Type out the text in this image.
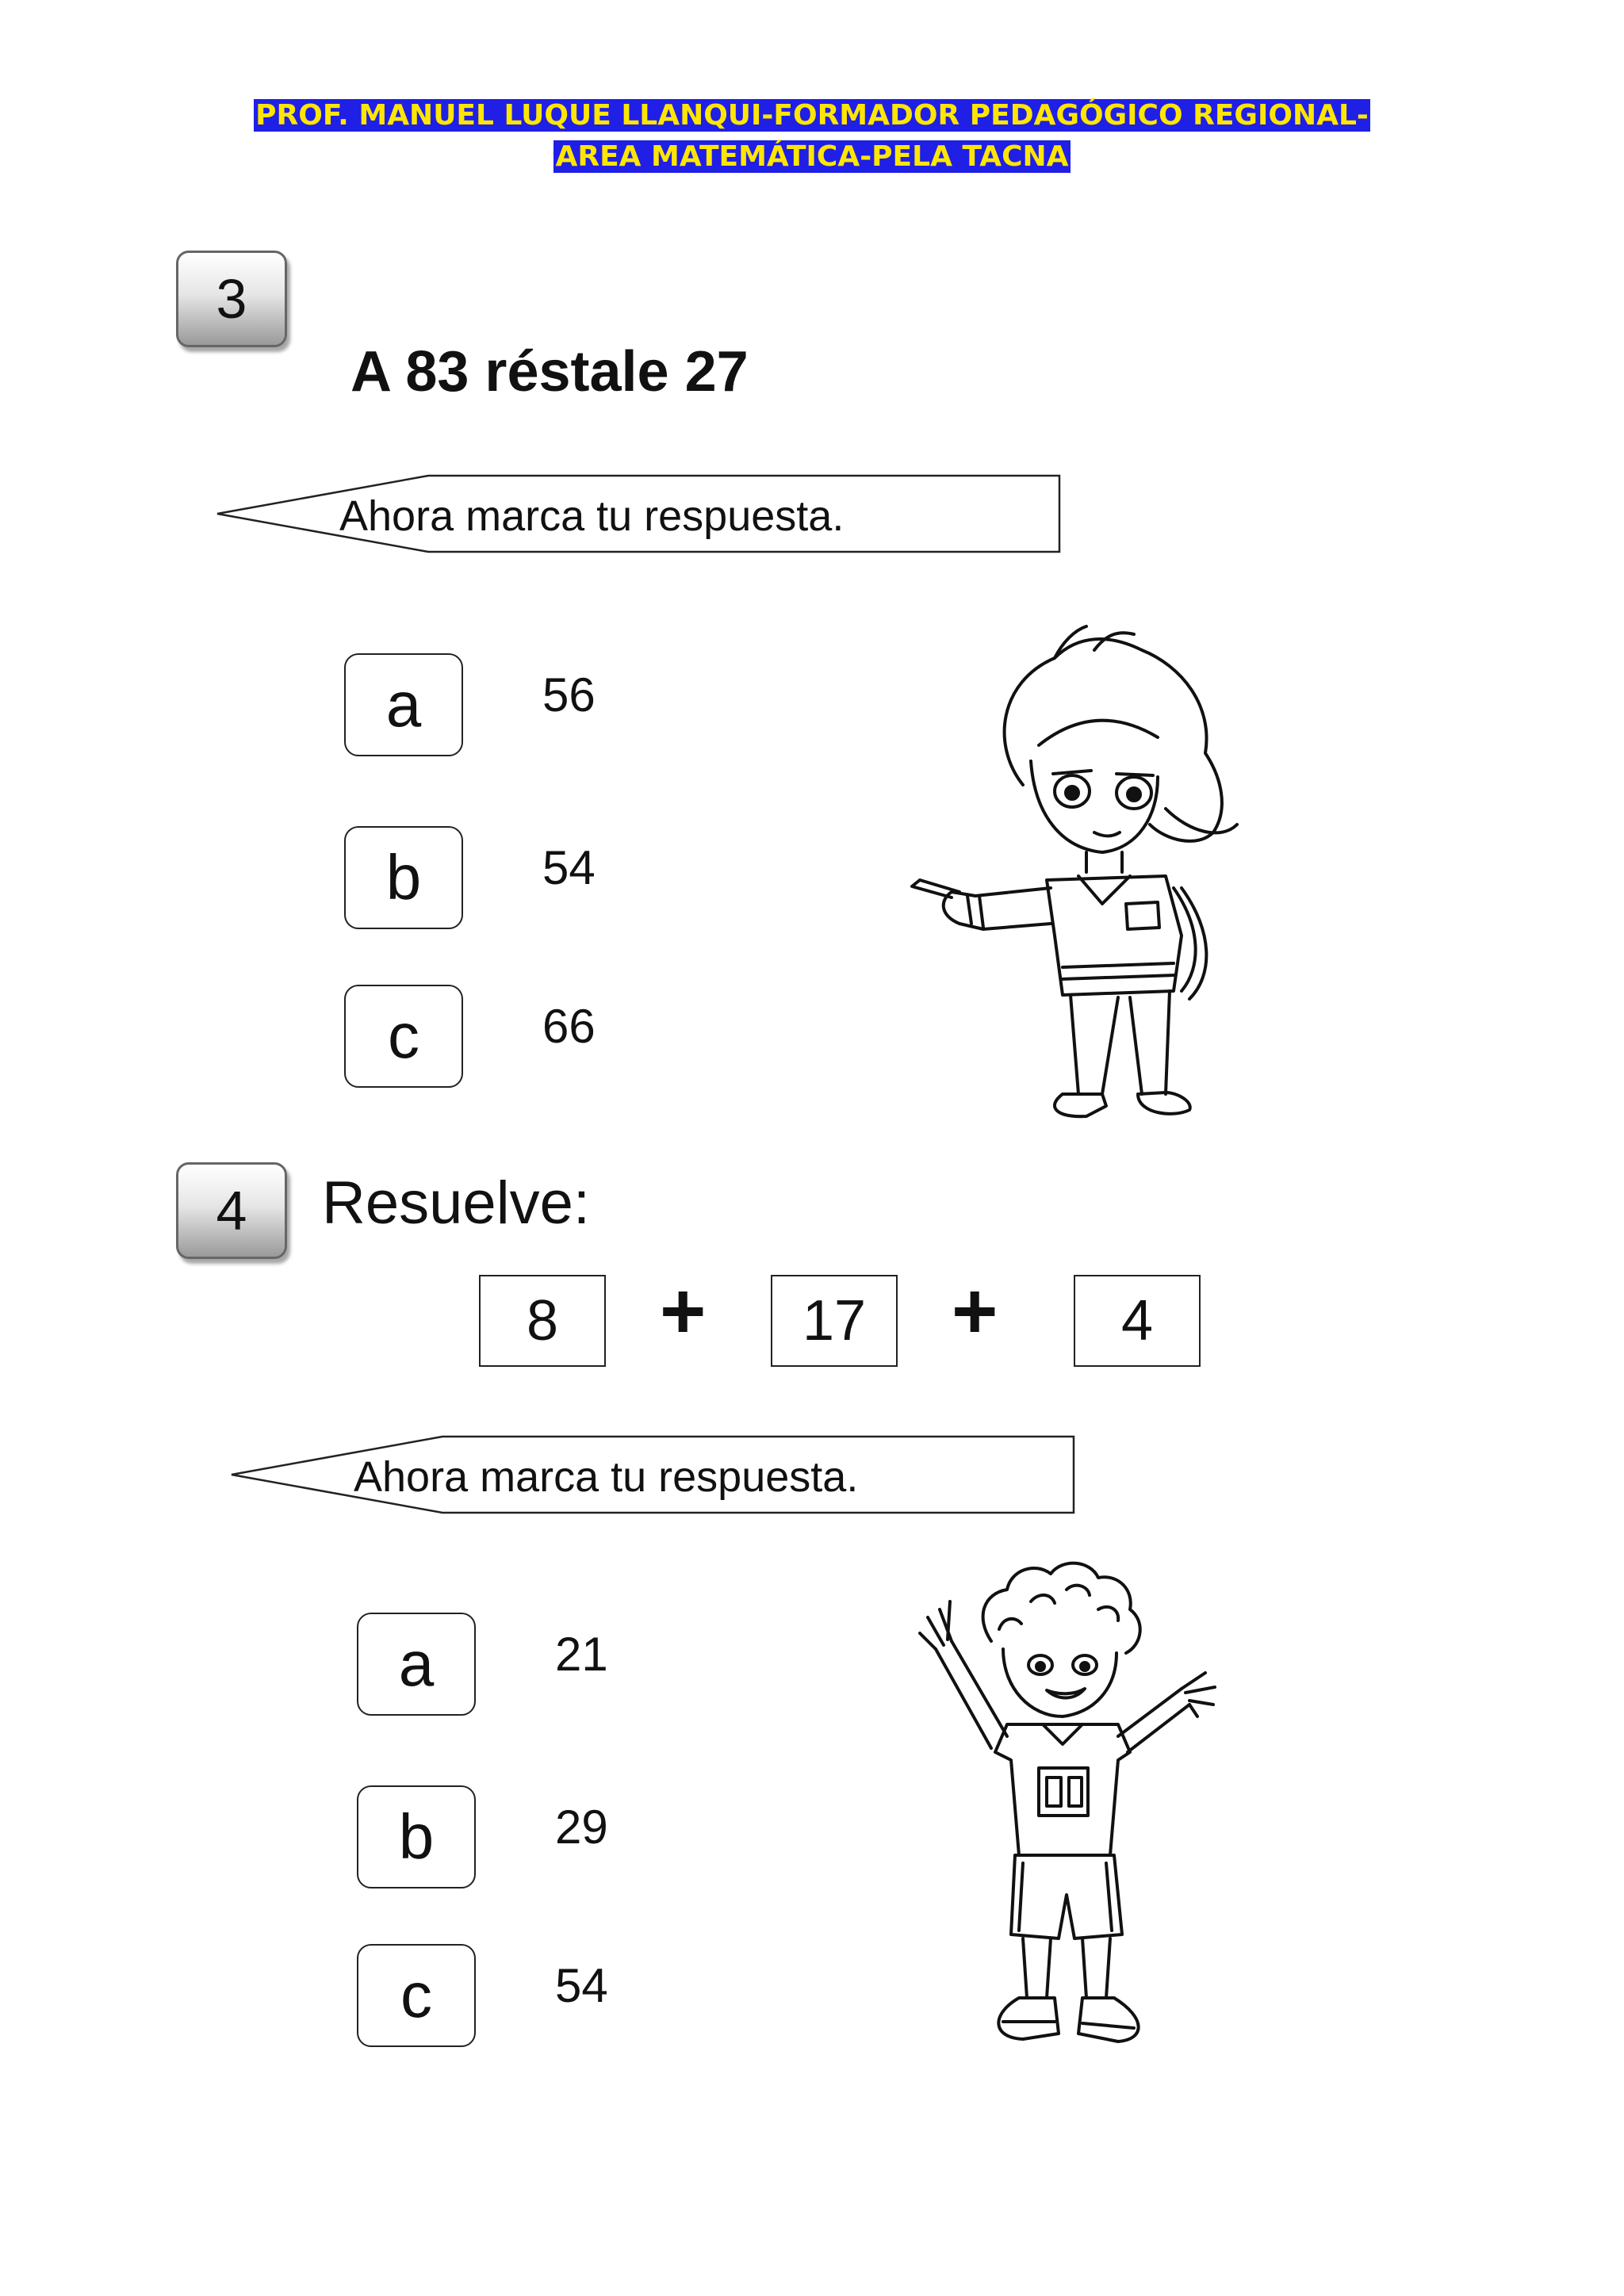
PROF. MANUEL LUQUE LLANQUI-FORMADOR PEDAGÓGICO REGIONAL-
AREA MATEMÁTICA-PELA TACNA
3
A 83 réstale 27
Ahora marca tu respuesta.
a	56
b	54
c	66
4	Resuelve:
8	+	17	+	4
Ahora marca tu respuesta.
a	21
b	29
c	54
